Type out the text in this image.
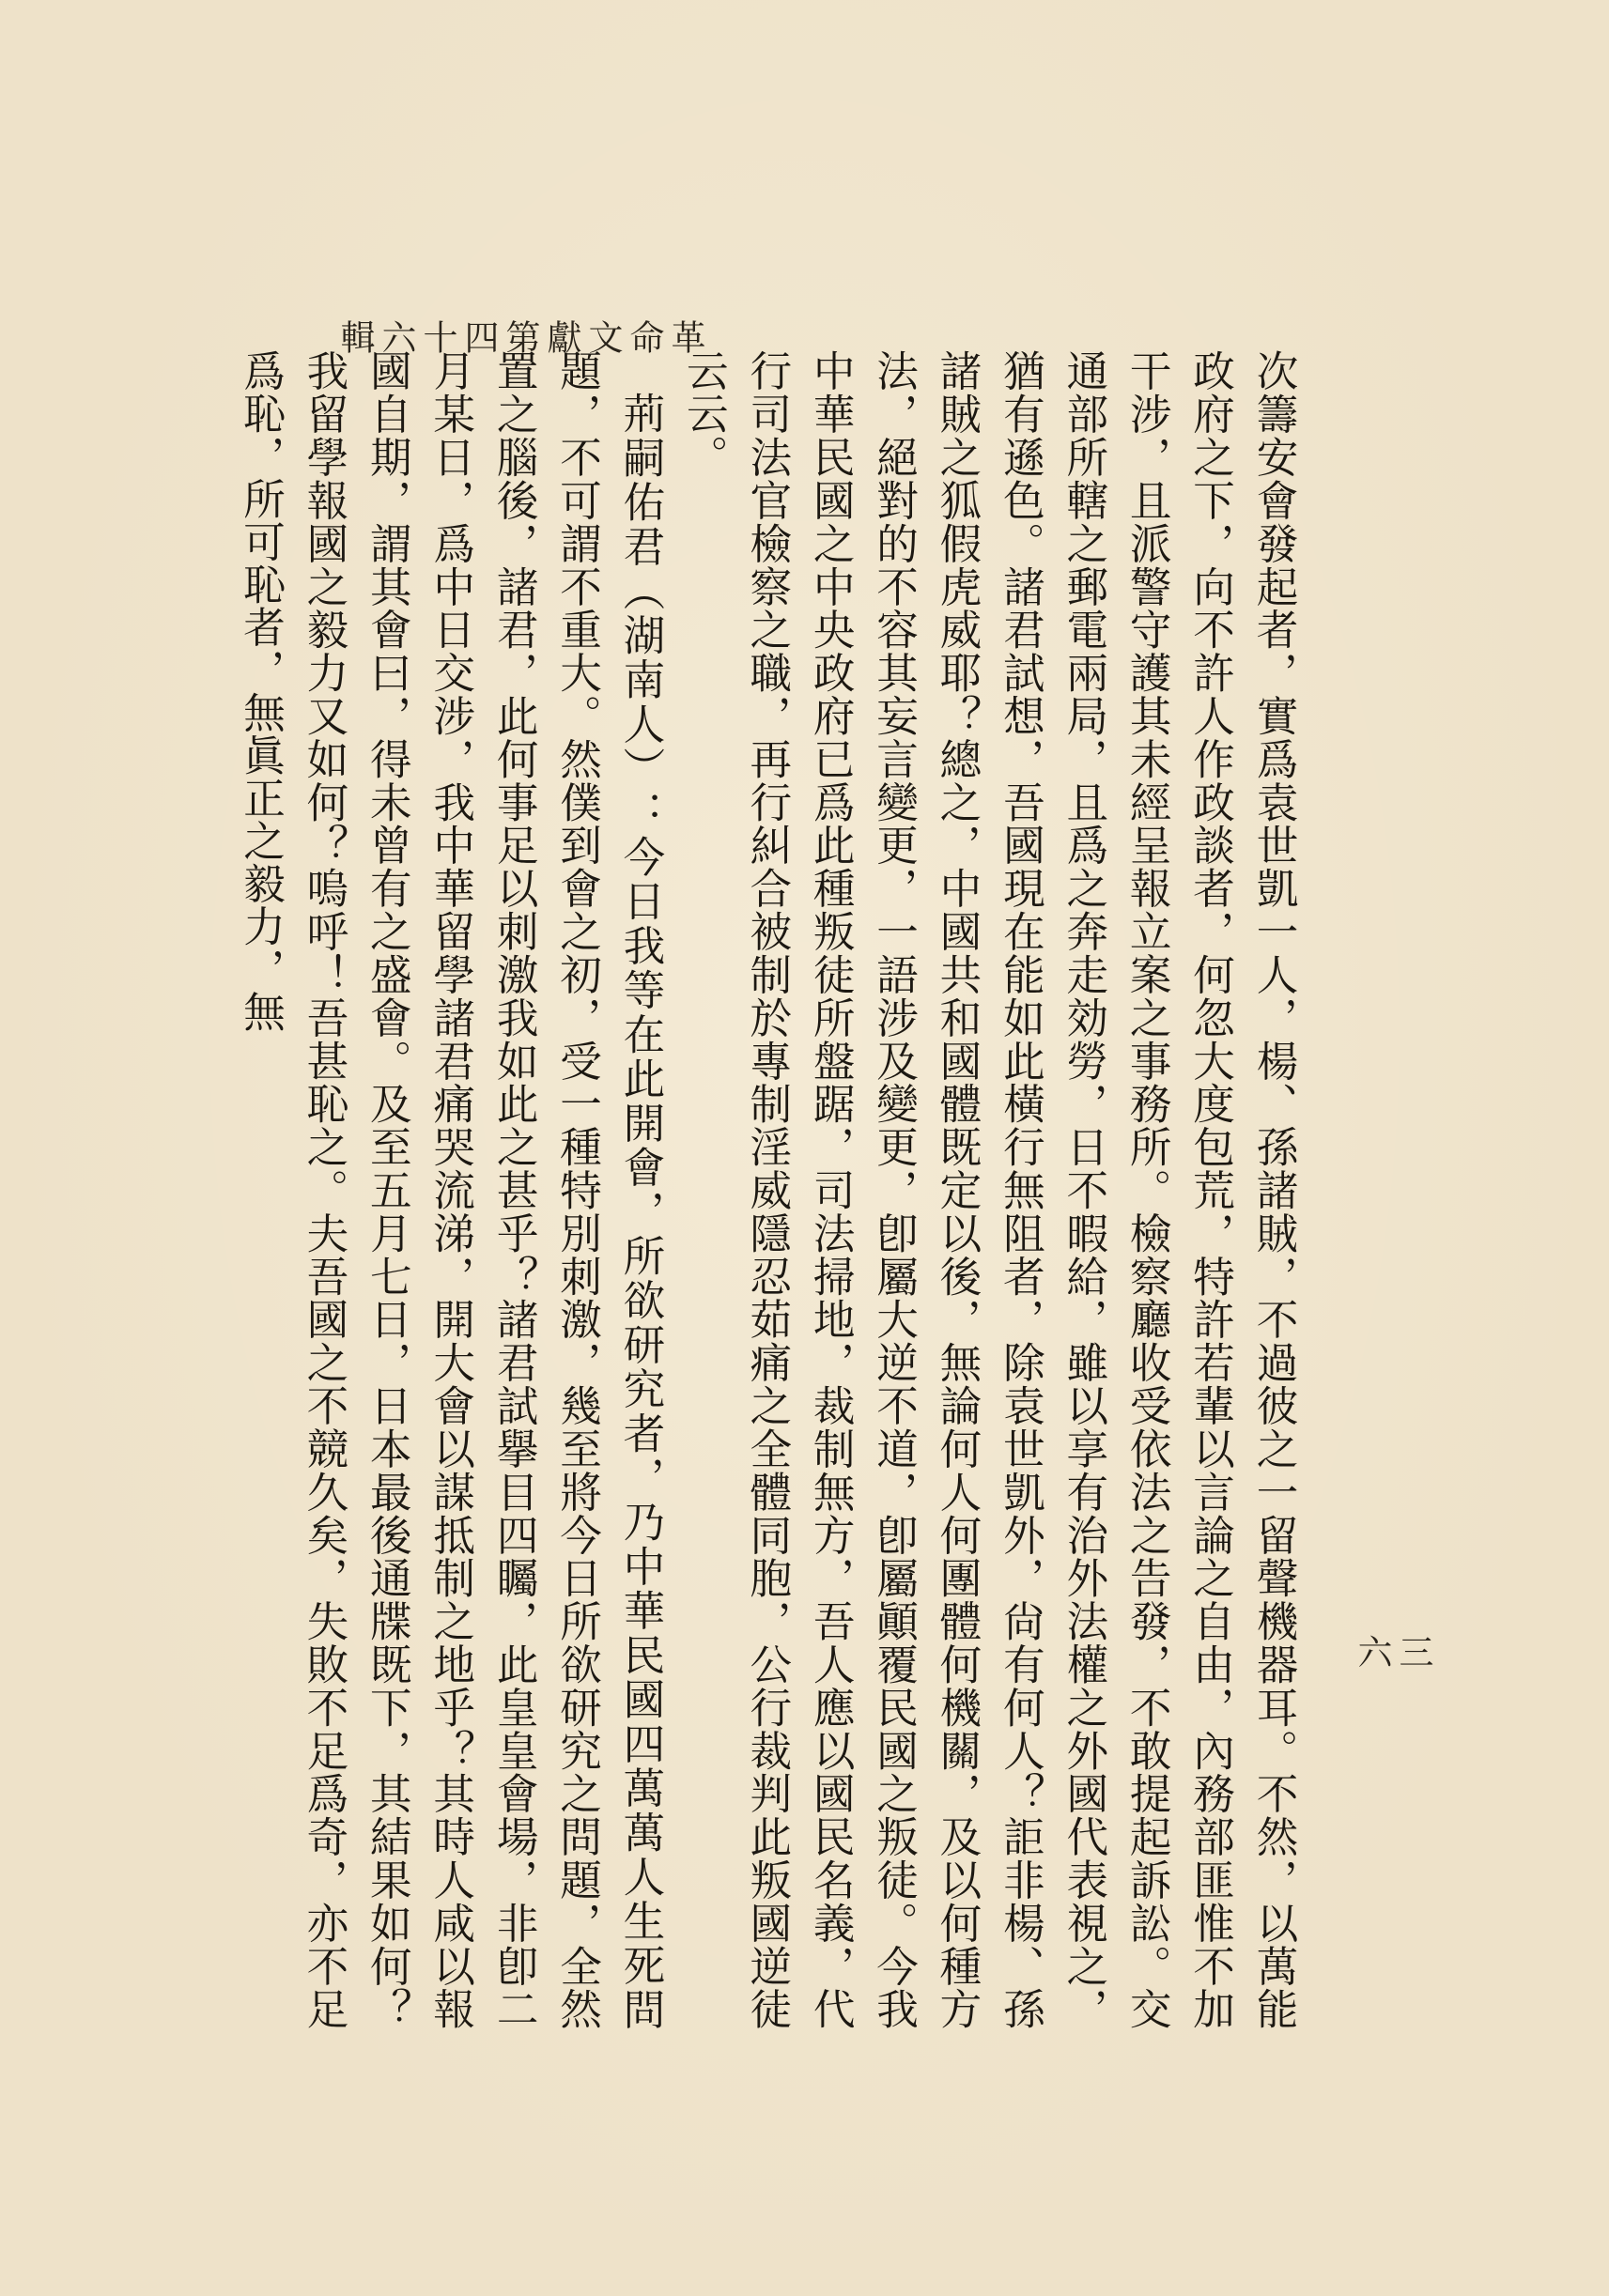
革命文獻第四十六輯
三六

次籌安會發起者，實爲袁世凱一人，楊、孫諸賊，不過彼之一留聲機器耳。不然，以萬能政府之下，向不許人作政談者，何忽大度包荒，特許若輩以言論之自由，內務部匪惟不加干涉，且派警守護其未經呈報立案之事務所。檢察廳收受依法之告發，不敢提起訴訟。交通部所轄之郵電兩局，且爲之奔走効勞，日不暇給，雖以享有治外法權之外國代表視之，猶有遜色。諸君試想，吾國現在能如此橫行無阻者，除袁世凱外，尙有何人？詎非楊、孫諸賊之狐假虎威耶？總之，中國共和國體既定以後，無論何人何團體何機關，及以何種方法，絕對的不容其妄言變更，一語涉及變更，卽屬大逆不道，卽屬顚覆民國之叛徒。今我中華民國之中央政府已爲此種叛徒所盤踞，司法掃地，裁制無方，吾人應以國民名義，代行司法官檢察之職，再行糾合被制於專制淫威隱忍茹痛之全體同胞，公行裁判此叛國逆徒云云。

荊嗣佑君（湖南人）：今日我等在此開會，所欲研究者，乃中華民國四萬萬人生死問題，不可謂不重大。然僕到會之初，受一種特別刺激，幾至將今日所欲研究之問題，全然置之腦後，諸君，此何事足以刺激我如此之甚乎？諸君試擧目四矚，此皇皇會場，非卽二月某日，爲中日交涉，我中華留學諸君痛哭流涕，開大會以謀抵制之地乎？其時人咸以報國自期，謂其會曰，得未曾有之盛會。及至五月七日，日本最後通牒既下，其結果如何？我留學報國之毅力又如何？嗚呼！吾甚恥之。夫吾國之不競久矣，失敗不足爲奇，亦不足爲恥，所可恥者，無眞正之毅力，無
